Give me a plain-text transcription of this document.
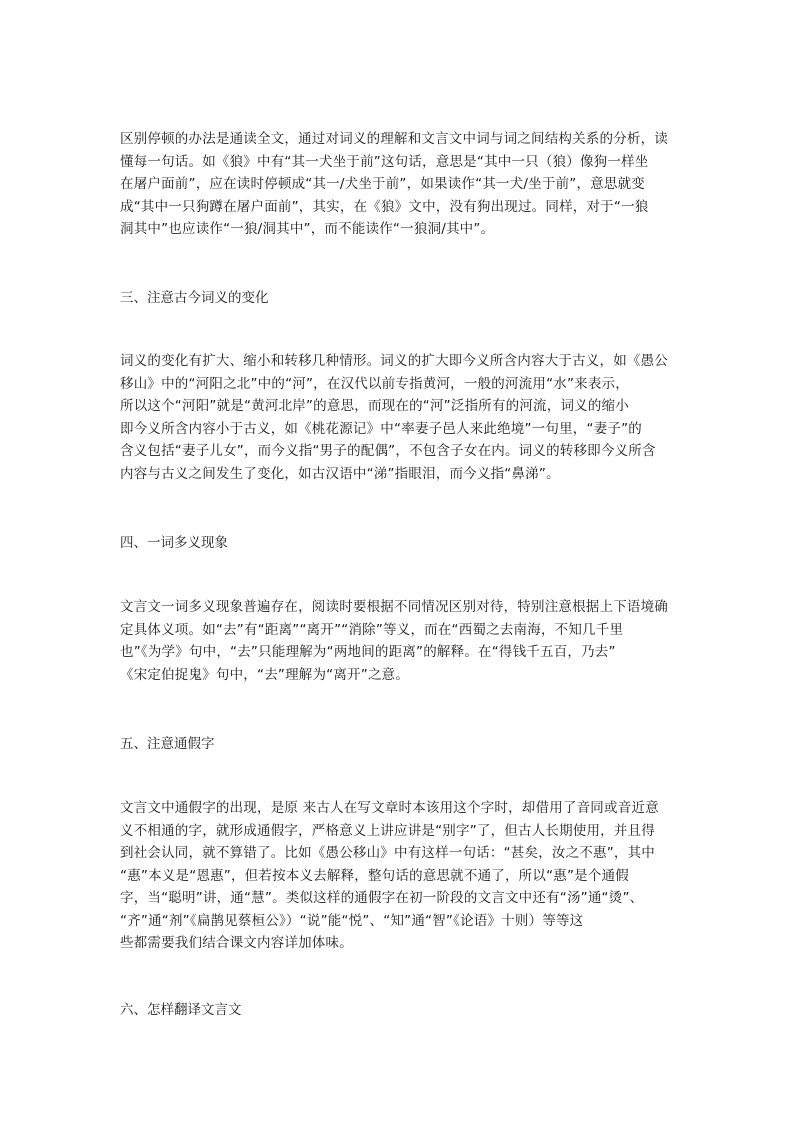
区别停顿的办法是通读全文，通过对词义的理解和文言文中词与词之间结构关系的分析，读
懂每一句话。如《狼》中有“其一犬坐于前”这句话，意思是“其中一只（狼）像狗一样坐
在屠户面前”，应在读时停顿成“其一/犬坐于前”，如果读作“其一犬/坐于前”，意思就变
成“其中一只狗蹲在屠户面前”，其实，在《狼》文中，没有狗出现过。同样，对于“一狼
洞其中”也应读作“一狼/洞其中”，而不能读作“一狼洞/其中”。
三、注意古今词义的变化
词义的变化有扩大、缩小和转移几种情形。词义的扩大即今义所含内容大于古义，如《愚公
移山》中的“河阳之北”中的“河”，在汉代以前专指黄河，一般的河流用“水”来表示，
所以这个“河阳”就是“黄河北岸”的意思，而现在的“河”泛指所有的河流，词义的缩小
即今义所含内容小于古义，如《桃花源记》中“率妻子邑人来此绝境”一句里，“妻子”的
含义包括“妻子儿女”，而今义指“男子的配偶”，不包含子女在内。词义的转移即今义所含
内容与古义之间发生了变化，如古汉语中“涕”指眼泪，而今义指“鼻涕”。
四、一词多义现象
文言文一词多义现象普遍存在，阅读时要根据不同情况区别对待，特别注意根据上下语境确
定具体义项。如“去”有“距离”“离开”“消除”等义，而在“西蜀之去南海，不知几千里
也”《为学》句中，“去”只能理解为“两地间的距离”的解释。在“得钱千五百，乃去”
《宋定伯捉鬼》句中，“去”理解为“离开”之意。
五、注意通假字
文言文中通假字的出现，是原 来古人在写文章时本该用这个字时，却借用了音同或音近意
义不相通的字，就形成通假字，严格意义上讲应讲是“别字”了，但古人长期使用，并且得
到社会认同，就不算错了。比如《愚公移山》中有这样一句话：“甚矣，汝之不惠”，其中
“惠”本义是“恩惠”，但若按本义去解释，整句话的意思就不通了，所以“惠”是个通假
字，当“聪明”讲，通“慧”。类似这样的通假字在初一阶段的文言文中还有“汤”通“烫”、
“齐”通“剂”《扁鹊见蔡桓公》）“说”能“悦”、“知”通“智”《论语》十则）等等这
些都需要我们结合课文内容详加体味。
六、怎样翻译文言文
